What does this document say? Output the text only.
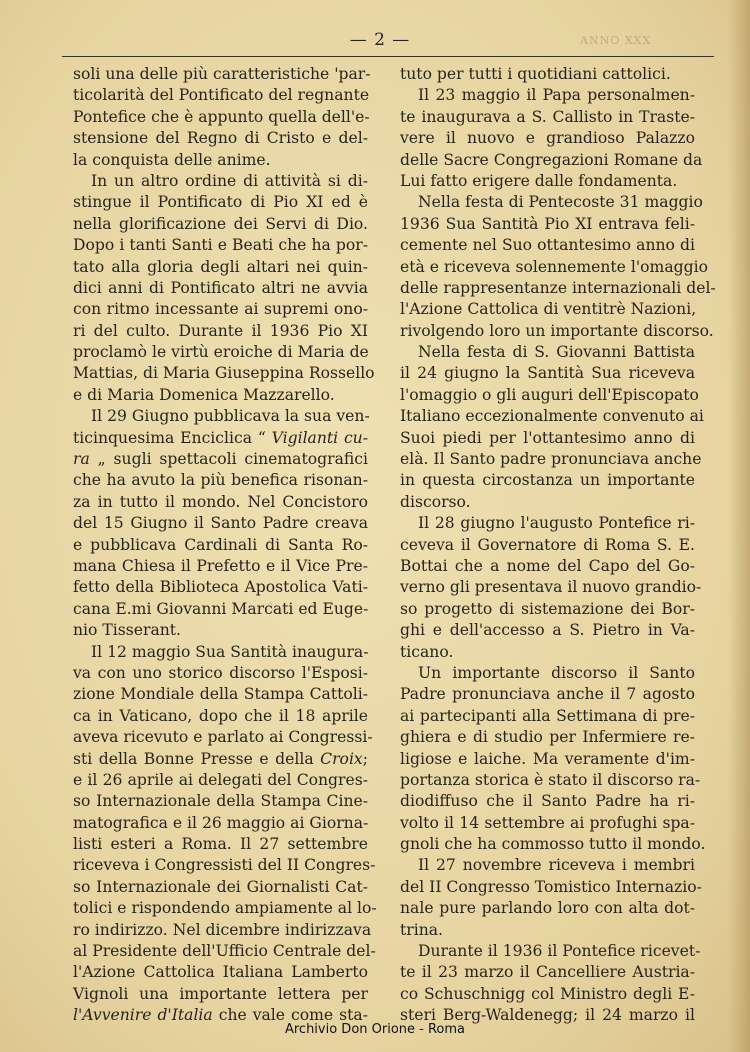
— 2 —	ANNO XXX
soli una delle più caratteristiche 'par-
ticolarità del Pontificato del regnante
Pontefice che è appunto quella dell'e-
stensione del Regno di Cristo e del-
la conquista delle anime.
In un altro ordine di attività si di-
stingue il Pontificato di Pio XI ed è
nella glorificazione dei Servi di Dio.
Dopo i tanti Santi e Beati che ha por-
tato alla gloria degli altari nei quin-
dici anni di Pontificato altri ne avvia
con ritmo incessante ai supremi ono-
ri del culto. Durante il 1936 Pio XI
proclamò le virtù eroiche di Maria de
Mattias, di Maria Giuseppina Rossello
e di Maria Domenica Mazzarello.
Il 29 Giugno pubblicava la sua ven-
ticinquesima Enciclica “ Vigilanti cu-
ra „ sugli spettacoli cinematografici
che ha avuto la più benefica risonan-
za in tutto il mondo. Nel Concistoro
del 15 Giugno il Santo Padre creava
e pubblicava Cardinali di Santa Ro-
mana Chiesa il Prefetto e il Vice Pre-
fetto della Biblioteca Apostolica Vati-
cana E.mi Giovanni Marcati ed Euge-
nio Tisserant.
Il 12 maggio Sua Santità inaugura-
va con uno storico discorso l'Esposi-
zione Mondiale della Stampa Cattoli-
ca in Vaticano, dopo che il 18 aprile
aveva ricevuto e parlato ai Congressi-
sti della Bonne Presse e della Croix;
e il 26 aprile ai delegati del Congres-
so Internazionale della Stampa Cine-
matografica e il 26 maggio ai Giorna-
listi esteri a Roma. Il 27 settembre
riceveva i Congressisti del II Congres-
so Internazionale dei Giornalisti Cat-
tolici e rispondendo ampiamente al lo-
ro indirizzo. Nel dicembre indirizzava
al Presidente dell'Ufficio Centrale del-
l'Azione Cattolica Italiana Lamberto
Vignoli una importante lettera per
l'Avvenire d'Italia che vale come sta-
tuto per tutti i quotidiani cattolici.
Il 23 maggio il Papa personalmen-
te inaugurava a S. Callisto in Traste-
vere il nuovo e grandioso Palazzo
delle Sacre Congregazioni Romane da
Lui fatto erigere dalle fondamenta.
Nella festa di Pentecoste 31 maggio
1936 Sua Santità Pio XI entrava feli-
cemente nel Suo ottantesimo anno di
età e riceveva solennemente l'omaggio
delle rappresentanze internazionali del-
l'Azione Cattolica di ventitrè Nazioni,
rivolgendo loro un importante discorso.
Nella festa di S. Giovanni Battista
il 24 giugno la Santità Sua riceveva
l'omaggio o gli auguri dell'Episcopato
Italiano eccezionalmente convenuto ai
Suoi piedi per l'ottantesimo anno di
elà. Il Santo padre pronunciava anche
in questa circostanza un importante
discorso.
Il 28 giugno l'augusto Pontefice ri-
ceveva il Governatore di Roma S. E.
Bottai che a nome del Capo del Go-
verno gli presentava il nuovo grandio-
so progetto di sistemazione dei Bor-
ghi e dell'accesso a S. Pietro in Va-
ticano.
Un importante discorso il Santo
Padre pronunciava anche il 7 agosto
ai partecipanti alla Settimana di pre-
ghiera e di studio per Infermiere re-
ligiose e laiche. Ma veramente d'im-
portanza storica è stato il discorso ra-
diodiffuso che il Santo Padre ha ri-
volto il 14 settembre ai profughi spa-
gnoli che ha commosso tutto il mondo.
Il 27 novembre riceveva i membri
del II Congresso Tomistico Internazio-
nale pure parlando loro con alta dot-
trina.
Durante il 1936 il Pontefice ricevet-
te il 23 marzo il Cancelliere Austria-
co Schuschnigg col Ministro degli E-
steri Berg-Waldenegg; il 24 marzo il
Archivio Don Orione - Roma
